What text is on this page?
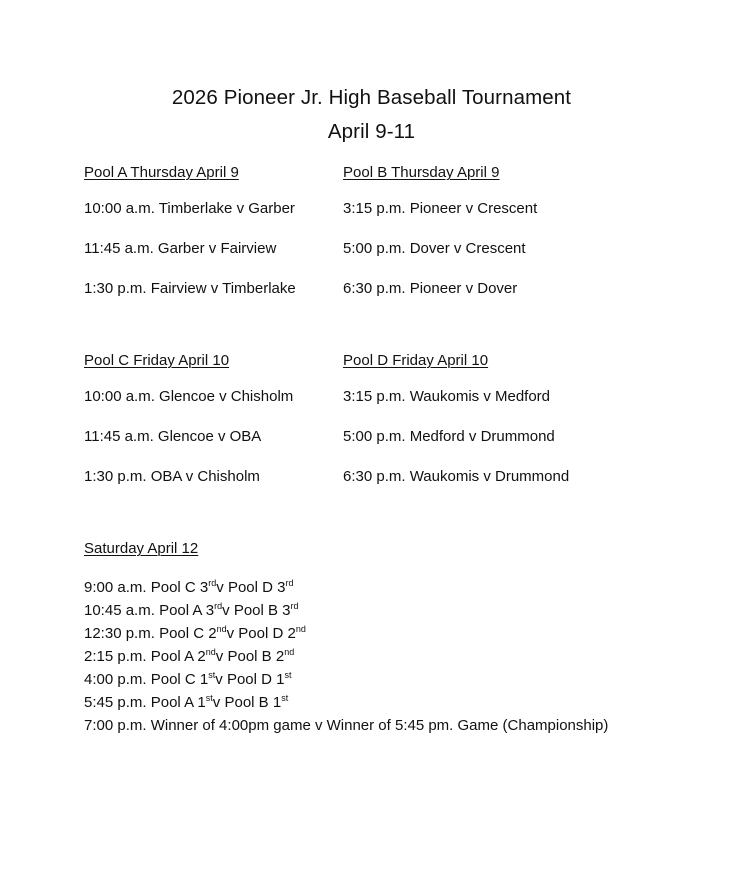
2026 Pioneer Jr. High Baseball Tournament
April 9-11
Pool A Thursday April 9
10:00 a.m. Timberlake v Garber
11:45 a.m. Garber v Fairview
1:30 p.m. Fairview v Timberlake
Pool B Thursday April 9
3:15 p.m. Pioneer v Crescent
5:00 p.m. Dover v Crescent
6:30 p.m. Pioneer v Dover
Pool C Friday April 10
10:00 a.m. Glencoe v Chisholm
11:45 a.m. Glencoe v OBA
1:30 p.m. OBA v Chisholm
Pool D Friday April 10
3:15 p.m. Waukomis v Medford
5:00 p.m. Medford v Drummond
6:30 p.m. Waukomis v Drummond
Saturday April 12
9:00 a.m. Pool C 3rdv Pool D 3rd
10:45 a.m. Pool A 3rdv Pool B 3rd
12:30 p.m. Pool C 2ndv Pool D 2nd
2:15 p.m. Pool A 2ndv Pool B 2nd
4:00 p.m. Pool C 1stv Pool D 1st
5:45 p.m. Pool A 1stv Pool B 1st
7:00 p.m. Winner of 4:00pm game v Winner of 5:45 pm. Game (Championship)
